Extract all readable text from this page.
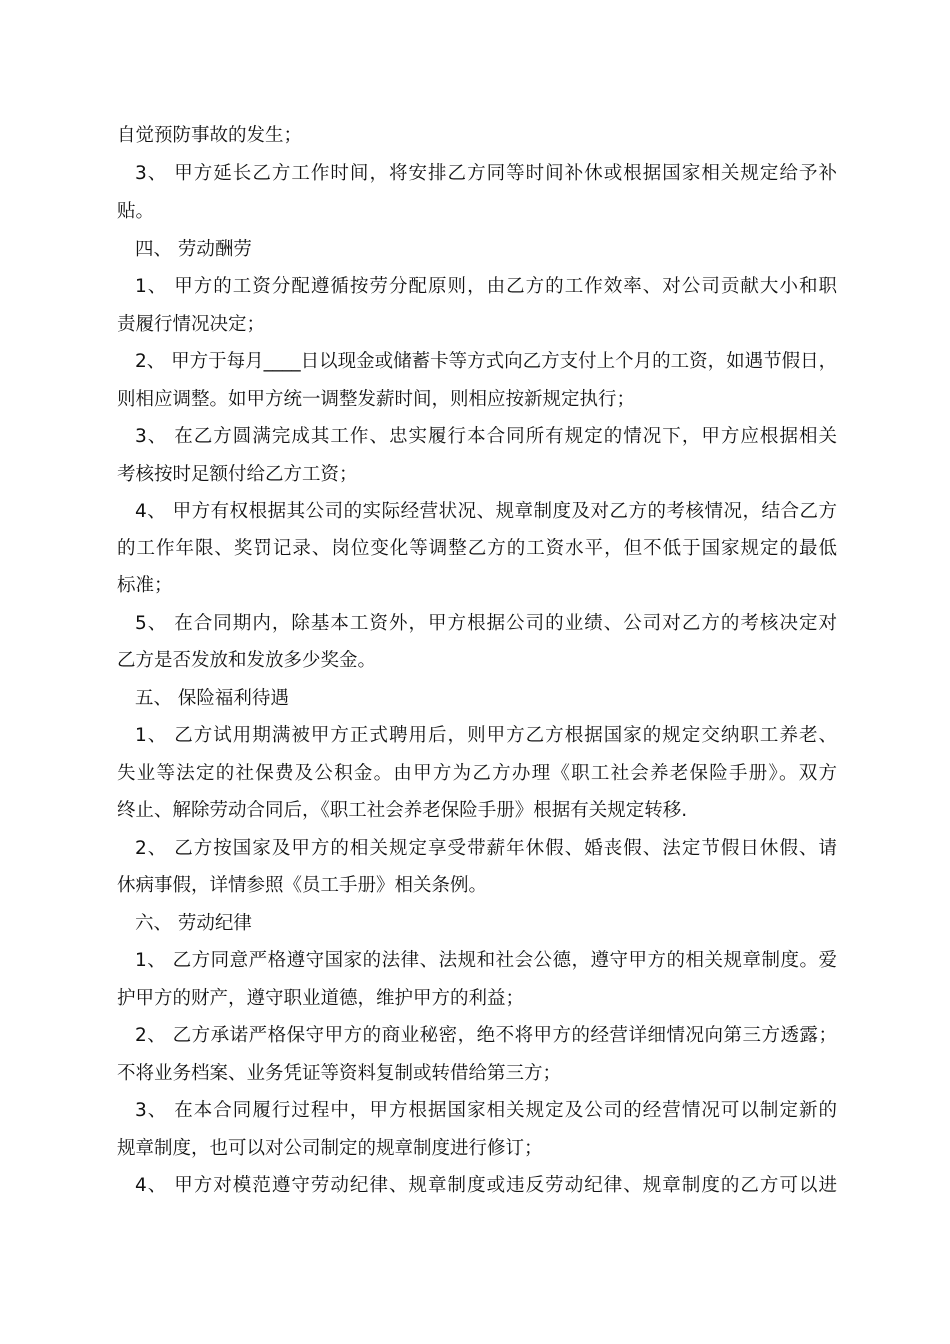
自觉预防事故的发生；
3、 甲方延长乙方工作时间，将安排乙方同等时间补休或根据国家相关规定给予补
贴。
四、 劳动酬劳
1、 甲方的工资分配遵循按劳分配原则，由乙方的工作效率、对公司贡献大小和职
责履行情况决定；
2、 甲方于每月____日以现金或储蓄卡等方式向乙方支付上个月的工资，如遇节假日，
则相应调整。如甲方统一调整发薪时间，则相应按新规定执行；
3、 在乙方圆满完成其工作、忠实履行本合同所有规定的情况下，甲方应根据相关
考核按时足额付给乙方工资；
4、 甲方有权根据其公司的实际经营状况、规章制度及对乙方的考核情况，结合乙方
的工作年限、奖罚记录、岗位变化等调整乙方的工资水平，但不低于国家规定的最低
标准；
5、 在合同期内，除基本工资外，甲方根据公司的业绩、公司对乙方的考核决定对
乙方是否发放和发放多少奖金。
五、 保险福利待遇
1、 乙方试用期满被甲方正式聘用后，则甲方乙方根据国家的规定交纳职工养老、
失业等法定的社保费及公积金。由甲方为乙方办理《职工社会养老保险手册》。双方
终止、解除劳动合同后，《职工社会养老保险手册》根据有关规定转移.
2、 乙方按国家及甲方的相关规定享受带薪年休假、婚丧假、法定节假日休假、请
休病事假，详情参照《员工手册》相关条例。
六、 劳动纪律
1、 乙方同意严格遵守国家的法律、法规和社会公德，遵守甲方的相关规章制度。爱
护甲方的财产，遵守职业道德，维护甲方的利益；
2、 乙方承诺严格保守甲方的商业秘密，绝不将甲方的经营详细情况向第三方透露；
不将业务档案、业务凭证等资料复制或转借给第三方；
3、 在本合同履行过程中，甲方根据国家相关规定及公司的经营情况可以制定新的
规章制度，也可以对公司制定的规章制度进行修订；
4、 甲方对模范遵守劳动纪律、规章制度或违反劳动纪律、规章制度的乙方可以进
